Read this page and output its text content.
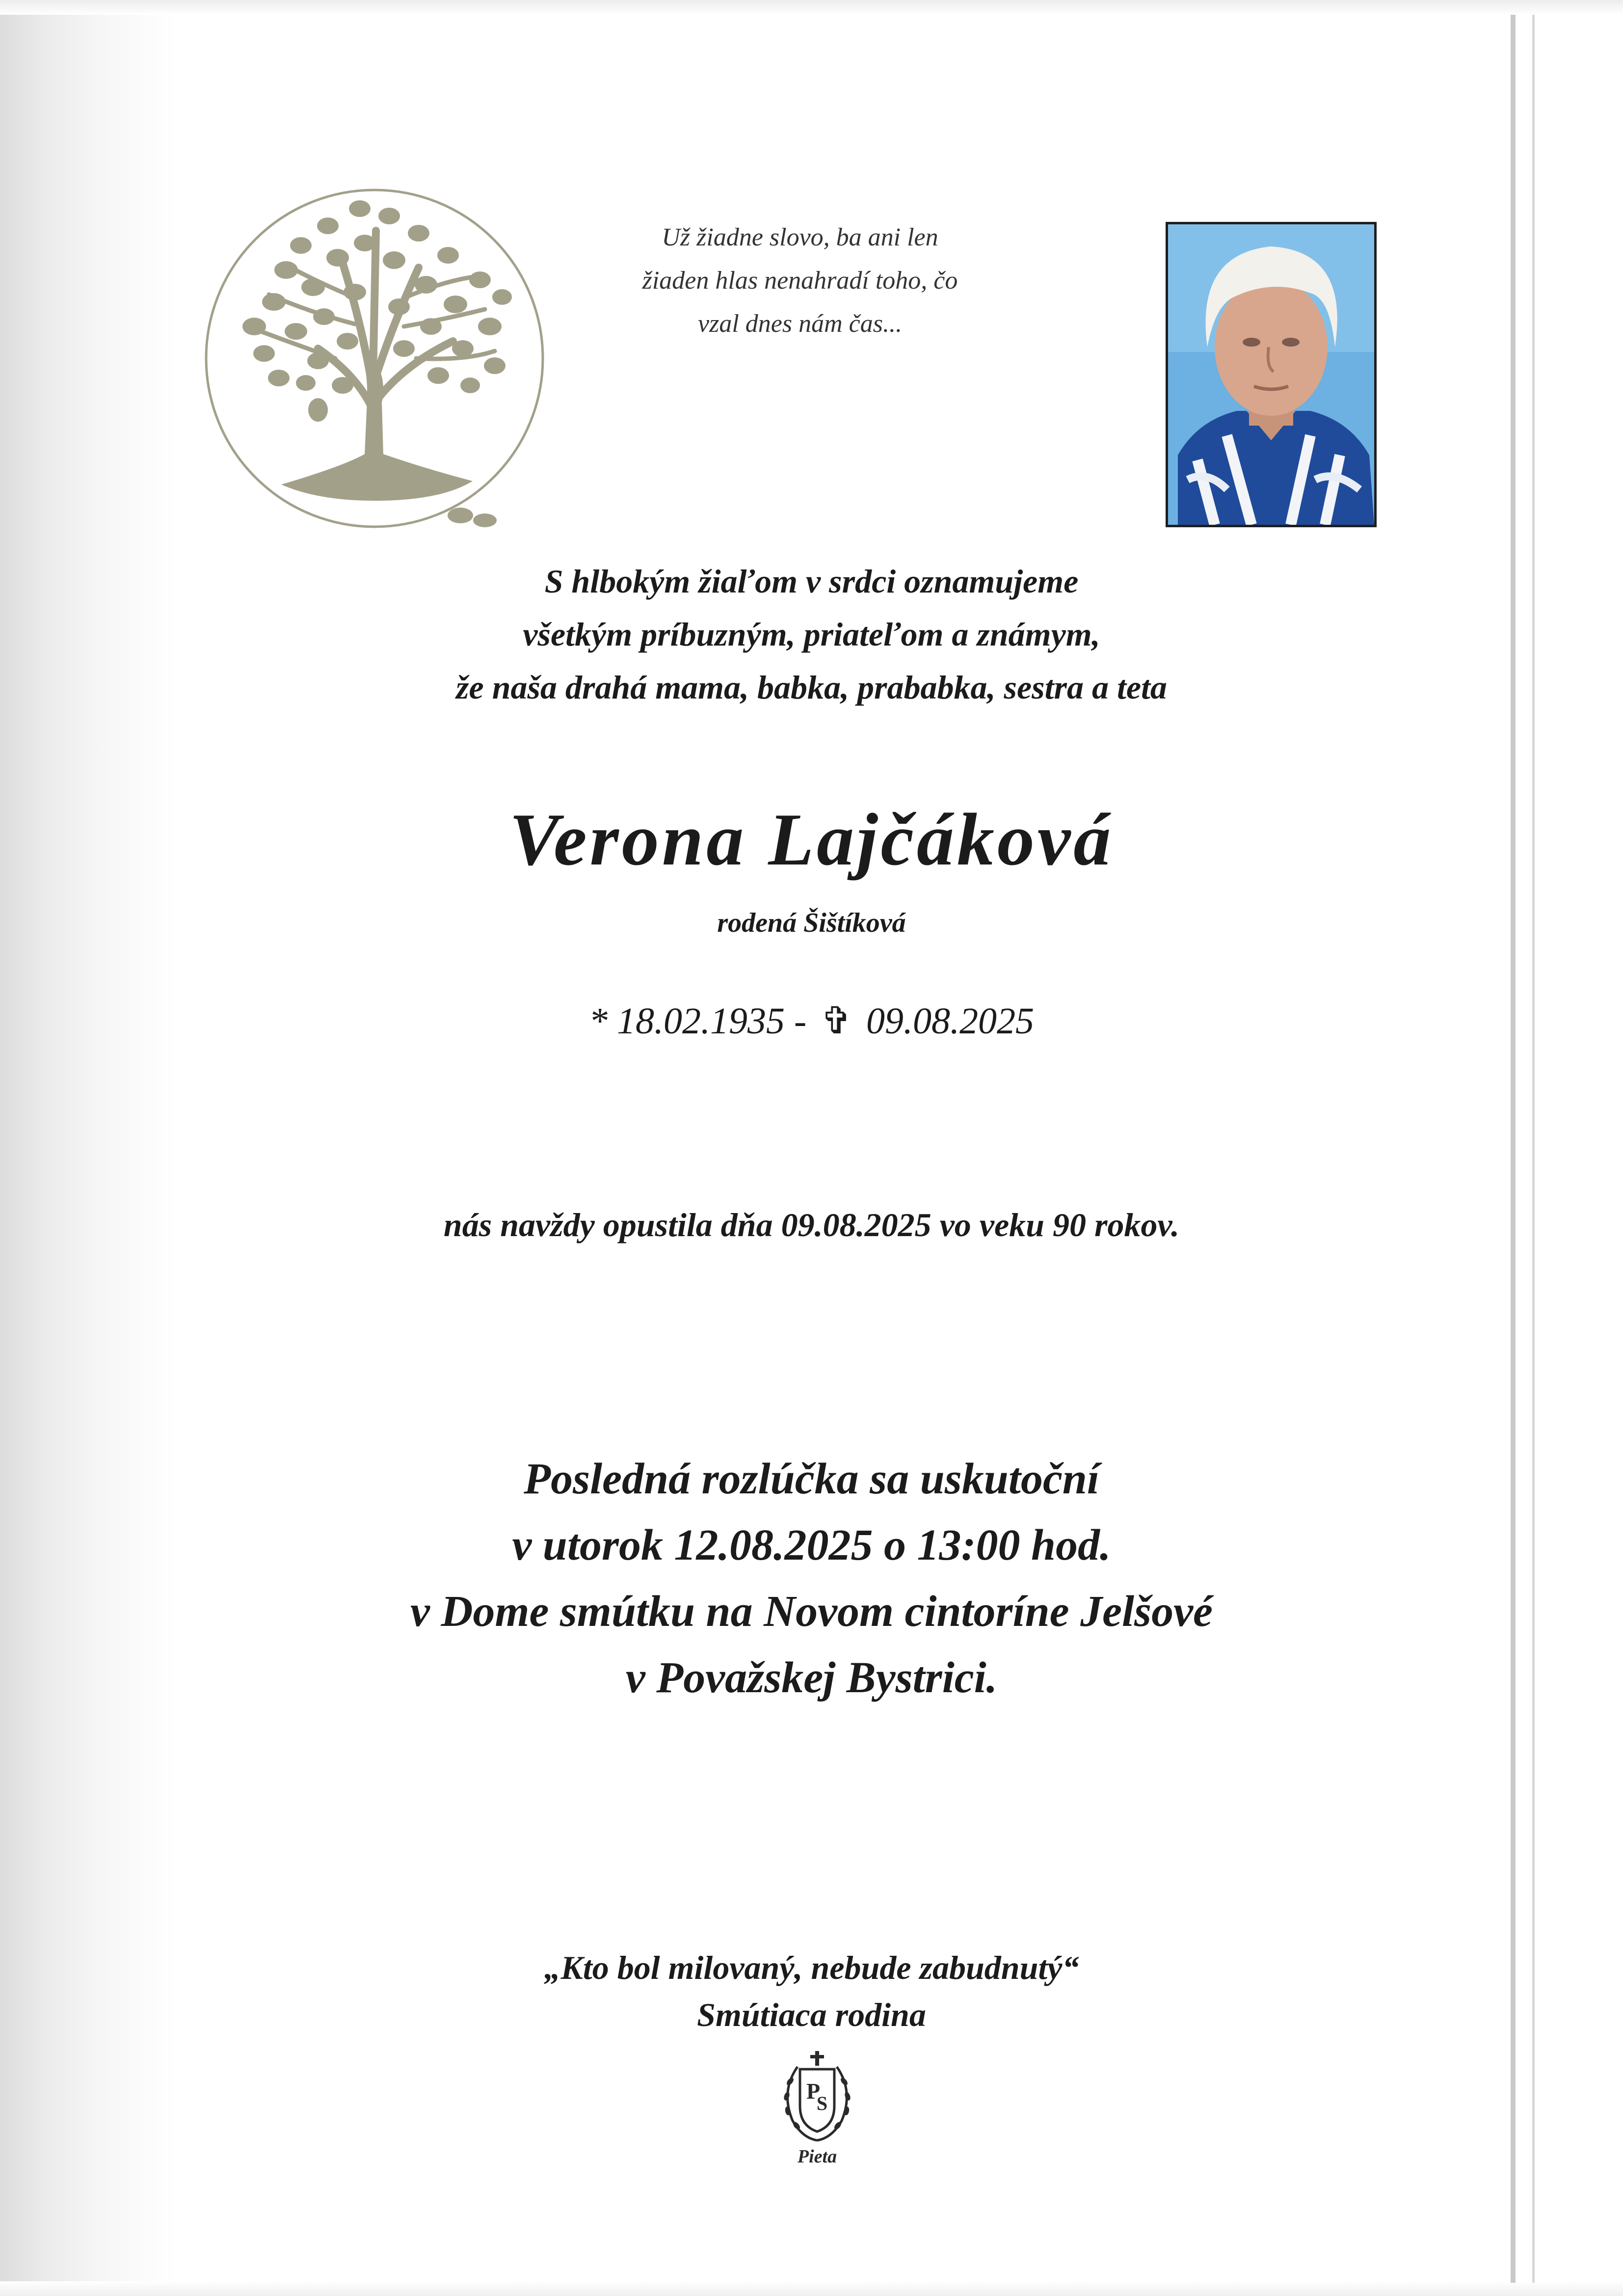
Už žiadne slovo, ba ani len
žiaden hlas nenahradí toho, čo
vzal dnes nám čas...
S hlbokým žiaľom v srdci oznamujeme
všetkým príbuzným, priateľom a známym,
že naša drahá mama, babka, prababka, sestra a teta
Verona Lajčáková
rodená Šištíková
* 18.02.1935 - ✞ 09.08.2025
nás navždy opustila dňa 09.08.2025 vo veku 90 rokov.
Posledná rozlúčka sa uskutoční
v utorok 12.08.2025 o 13:00 hod.
v Dome smútku na Novom cintoríne Jelšové
v Považskej Bystrici.
„Kto bol milovaný, nebude zabudnutý“
Smútiaca rodina
P
S
Pieta
